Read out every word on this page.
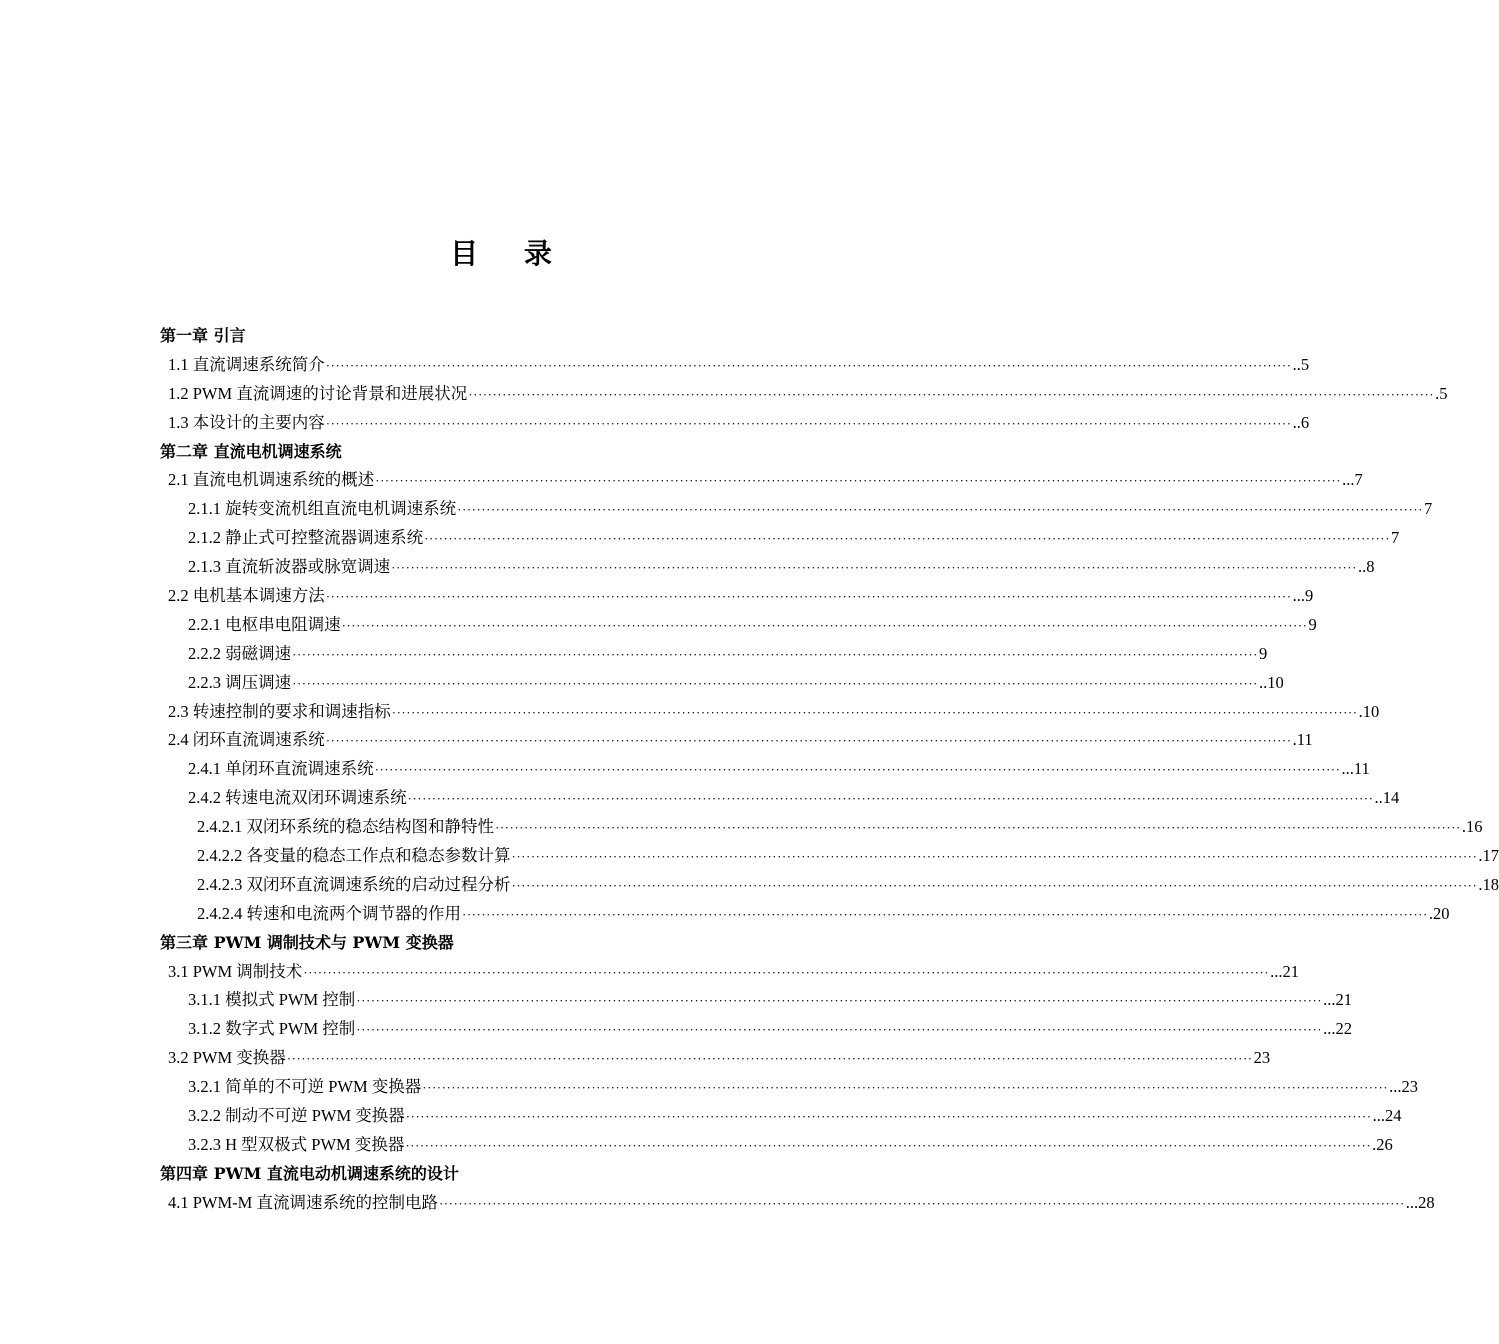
目 录
第一章 引言
1.1 直流调速系统简介 ········································································································································································································ ..5
1.2 PWM 直流调速的讨论背景和进展状况 ········································································································································································································ .5
1.3 本设计的主要内容 ········································································································································································································ ..6
第二章 直流电机调速系统
2.1 直流电机调速系统的概述 ········································································································································································································ ...7
2.1.1 旋转变流机组直流电机调速系统 ········································································································································································································ 7
2.1.2 静止式可控整流器调速系统 ········································································································································································································ 7
2.1.3 直流斩波器或脉宽调速 ········································································································································································································ ..8
2.2 电机基本调速方法 ········································································································································································································ ...9
2.2.1 电枢串电阻调速 ········································································································································································································ 9
2.2.2 弱磁调速 ········································································································································································································ 9
2.2.3 调压调速 ········································································································································································································ ..10
2.3 转速控制的要求和调速指标 ········································································································································································································ .10
2.4 闭环直流调速系统 ········································································································································································································ .11
2.4.1 单闭环直流调速系统 ········································································································································································································ ...11
2.4.2 转速电流双闭环调速系统 ········································································································································································································ ..14
2.4.2.1 双闭环系统的稳态结构图和静特性 ········································································································································································································ .16
2.4.2.2 各变量的稳态工作点和稳态参数计算 ········································································································································································································ .17
2.4.2.3 双闭环直流调速系统的启动过程分析 ········································································································································································································ .18
2.4.2.4 转速和电流两个调节器的作用 ········································································································································································································ .20
第三章 PWM 调制技术与 PWM 变换器
3.1 PWM 调制技术 ········································································································································································································ ...21
3.1.1 模拟式 PWM 控制 ········································································································································································································ ...21
3.1.2 数字式 PWM 控制 ········································································································································································································ ...22
3.2 PWM 变换器 ········································································································································································································ 23
3.2.1 简单的不可逆 PWM 变换器 ········································································································································································································ ...23
3.2.2 制动不可逆 PWM 变换器 ········································································································································································································ ...24
3.2.3 H 型双极式 PWM 变换器 ········································································································································································································ .26
第四章 PWM 直流电动机调速系统的设计
4.1 PWM-M 直流调速系统的控制电路 ········································································································································································································ ...28
